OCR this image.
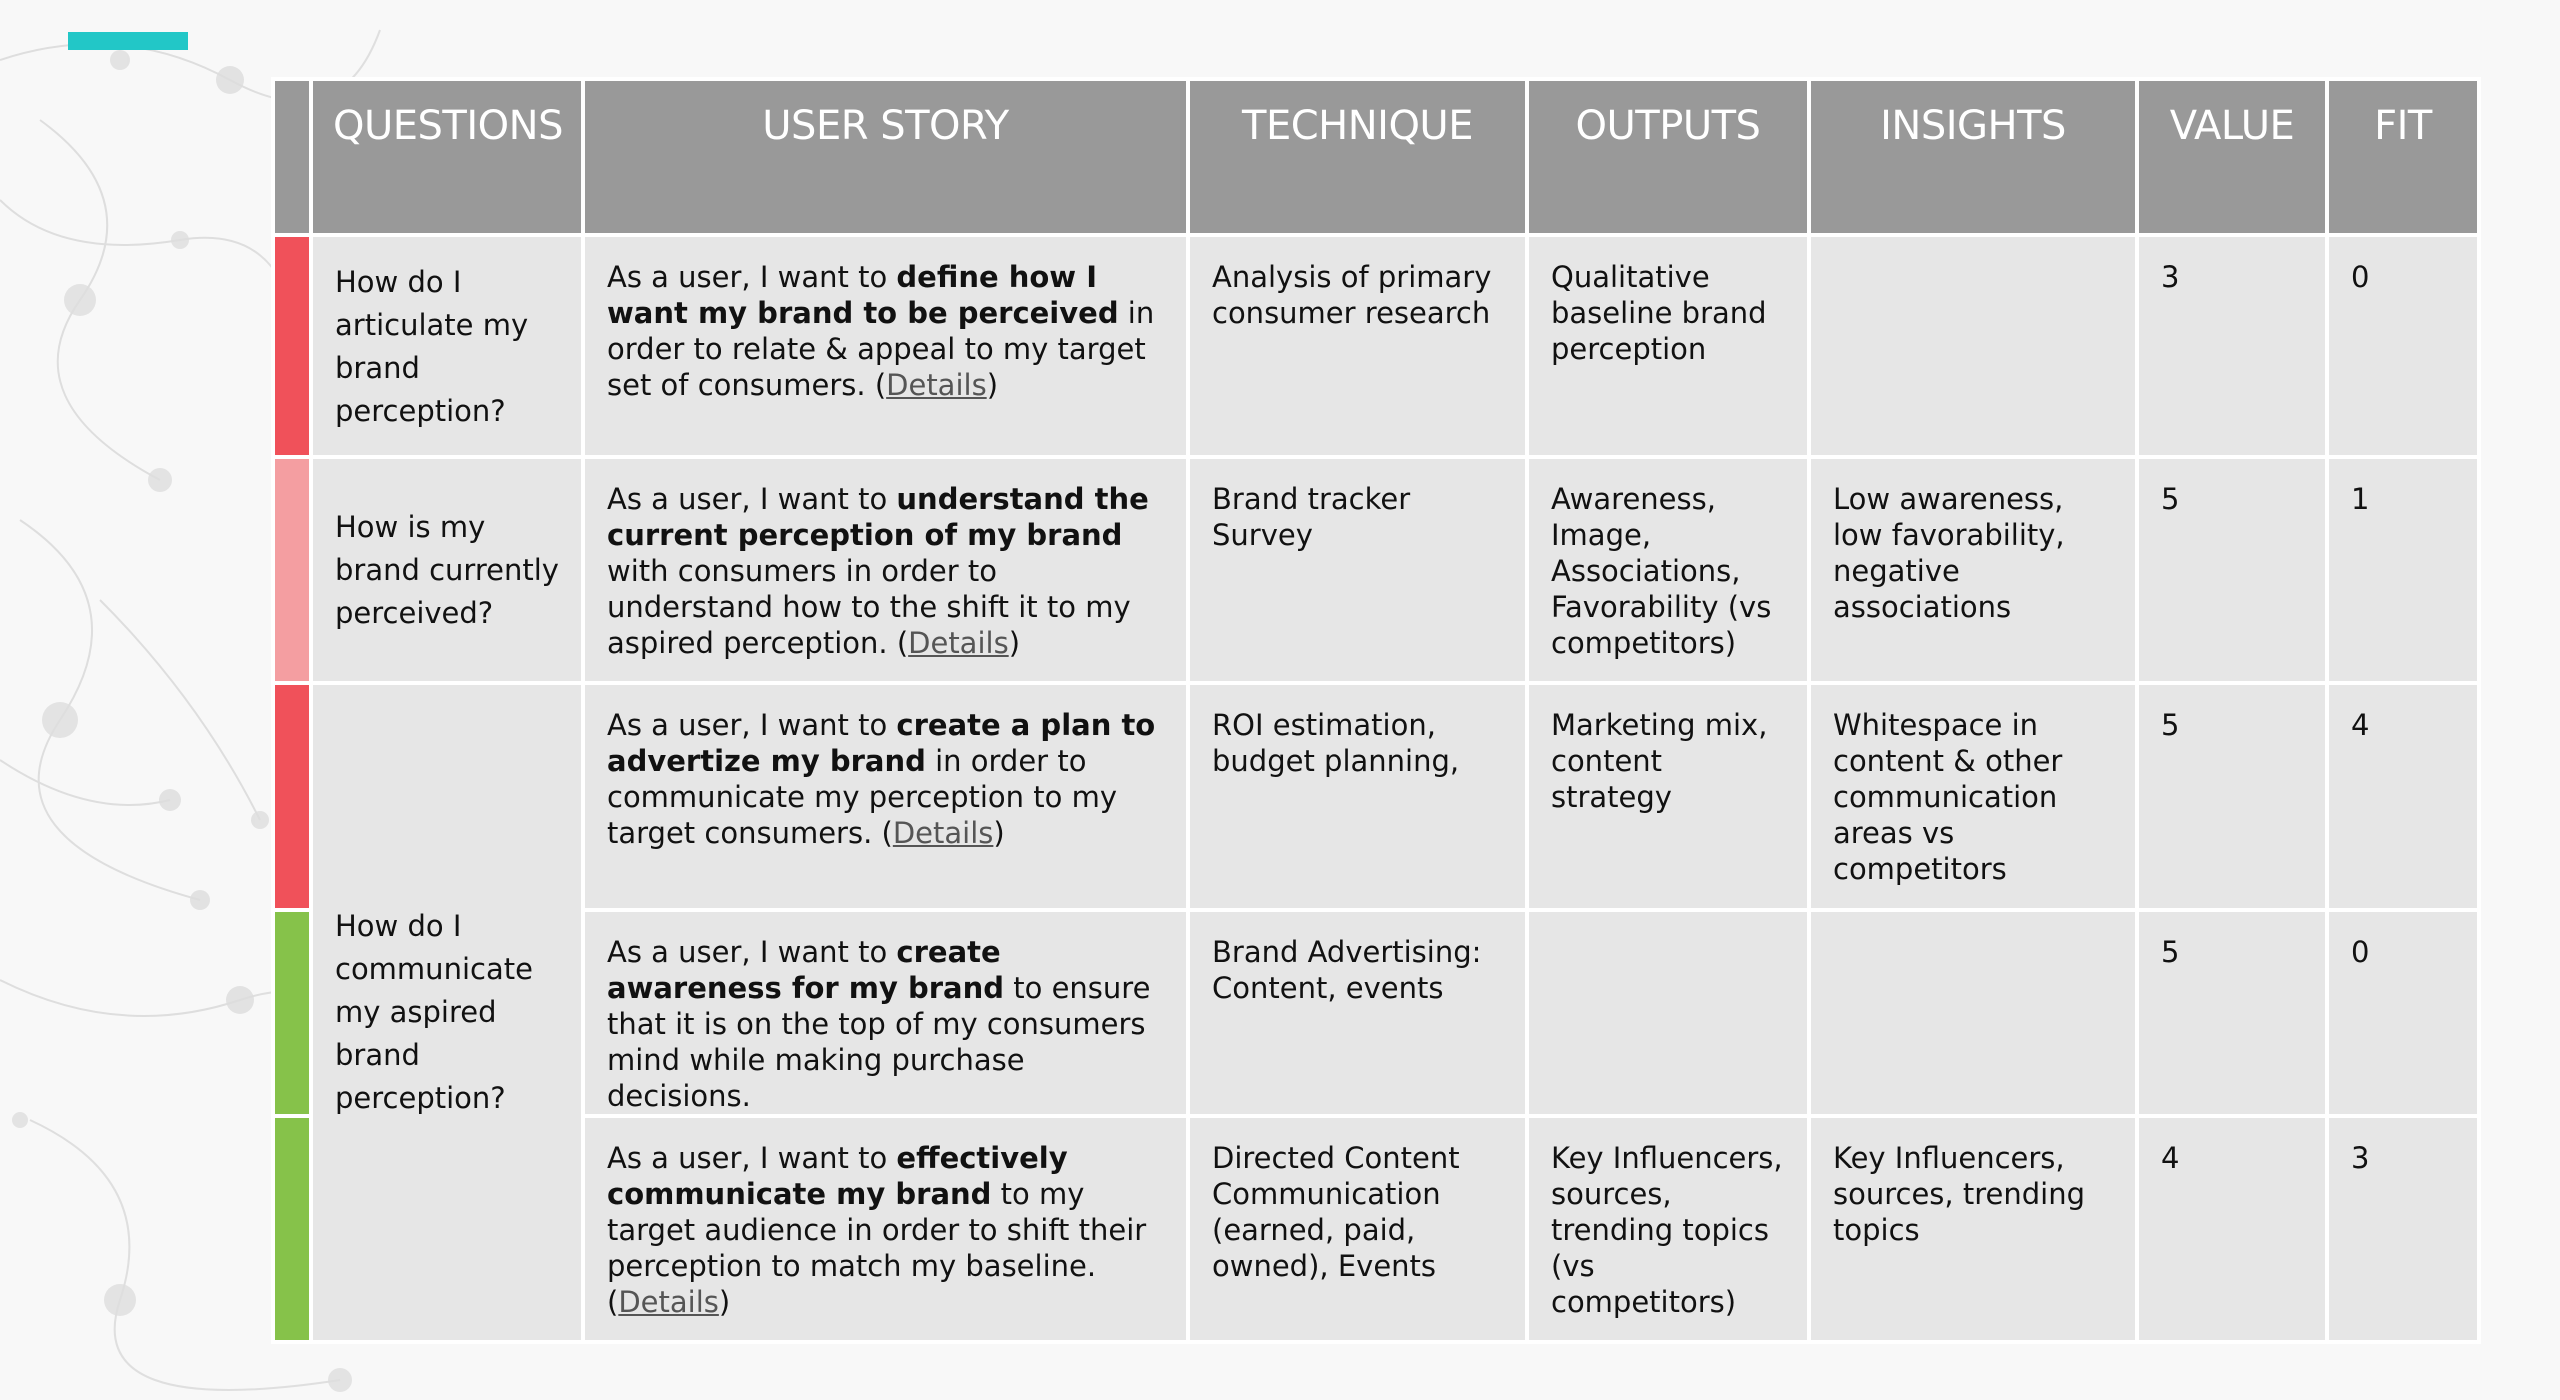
	QUESTIONS	USER STORY	TECHNIQUE	OUTPUTS	INSIGHTS	VALUE	FIT
	How do I articulate my brand perception?	As a user, I want to define how I want my brand to be perceived in order to relate & appeal to my target set of consumers. (Details)	Analysis of primary consumer research	Qualitative baseline brand perception		3	0
	How is my brand currently perceived?	As a user, I want to understand the current perception of my brand with consumers in order to understand how to the shift it to my aspired perception. (Details)	Brand tracker Survey	Awareness, Image, Associations, Favorability (vs competitors)	Low awareness, low favorability, negative associations	5	1
	How do I communicate my aspired brand perception?	As a user, I want to create a plan to advertize my brand in order to communicate my perception to my target consumers. (Details)	ROI estimation, budget planning,	Marketing mix, content strategy	Whitespace in content & other communication areas vs competitors	5	4
		As a user, I want to create awareness for my brand to ensure that it is on the top of my consumers mind while making purchase decisions.	Brand Advertising: Content, events			5	0
		As a user, I want to effectively communicate my brand to my target audience in order to shift their perception to match my baseline. (Details)	Directed Content Communication (earned, paid, owned), Events	Key Influencers, sources, trending topics (vs competitors)	Key Influencers, sources, trending topics	4	3
